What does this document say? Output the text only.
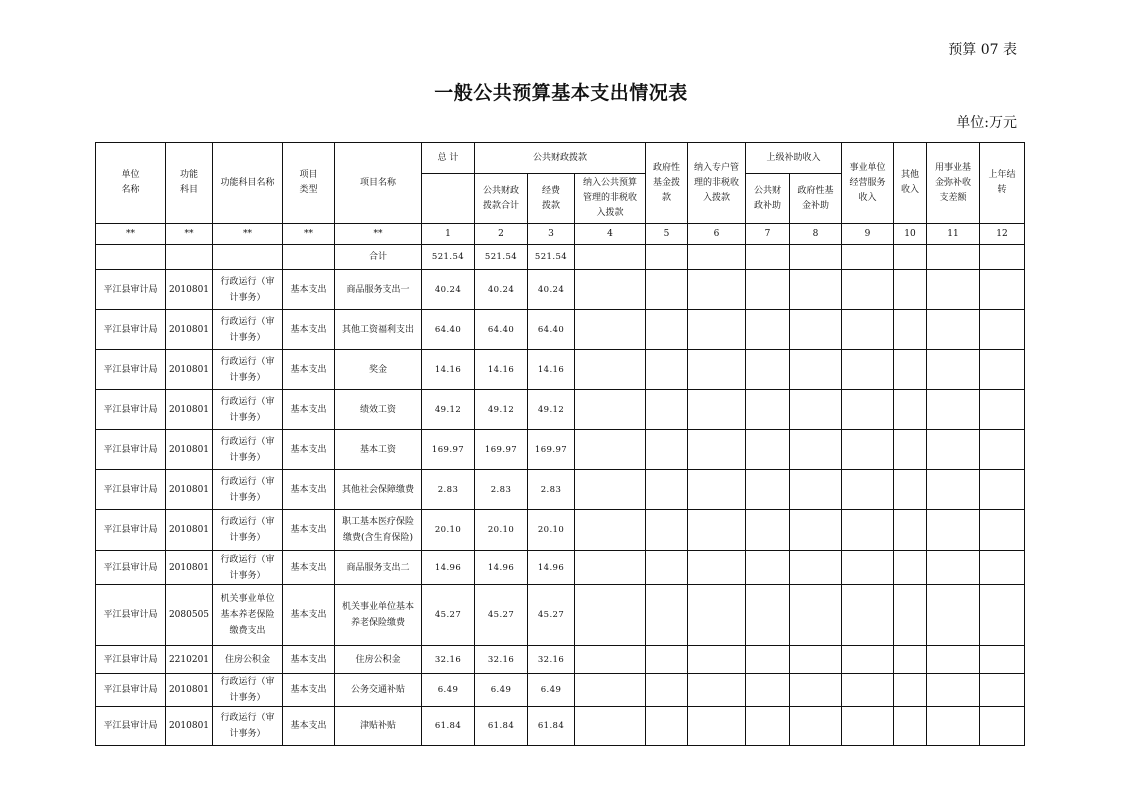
预算 07 表
一般公共预算基本支出情况表
单位:万元
单位名称	功能科目	功能科目名称	项目类型	项目名称	总 计	公共财政拨款			政府性基金拨款	纳入专户管理的非税收入拨款	上级补助收入		事业单位经营服务收入	其他收入	用事业基金弥补收支差额	上年结转

						公共财政拨款合计	经费拨款	纳入公共预算管理的非税收入拨款			公共财政补助	政府性基金补助				

**	**	**	**	**	1	2	3	4	5	6	7	8	9	10	11	12
				合计	521.54	521.54	521.54									
平江县审计局	2010801	行政运行（审计事务）	基本支出	商品服务支出一	40.24	40.24	40.24									
平江县审计局	2010801	行政运行（审计事务）	基本支出	其他工资福利支出	64.40	64.40	64.40									
平江县审计局	2010801	行政运行（审计事务）	基本支出	奖金	14.16	14.16	14.16									
平江县审计局	2010801	行政运行（审计事务）	基本支出	绩效工资	49.12	49.12	49.12									
平江县审计局	2010801	行政运行（审计事务）	基本支出	基本工资	169.97	169.97	169.97									
平江县审计局	2010801	行政运行（审计事务）	基本支出	其他社会保障缴费	2.83	2.83	2.83									
平江县审计局	2010801	行政运行（审计事务）	基本支出	职工基本医疗保险缴费(含生育保险)	20.10	20.10	20.10									
平江县审计局	2010801	行政运行（审计事务）	基本支出	商品服务支出二	14.96	14.96	14.96									
平江县审计局	2080505	机关事业单位基本养老保险缴费支出	基本支出	机关事业单位基本养老保险缴费	45.27	45.27	45.27									
平江县审计局	2210201	住房公积金	基本支出	住房公积金	32.16	32.16	32.16									
平江县审计局	2010801	行政运行（审计事务）	基本支出	公务交通补贴	6.49	6.49	6.49									
平江县审计局	2010801	行政运行（审计事务）	基本支出	津贴补贴	61.84	61.84	61.84									
